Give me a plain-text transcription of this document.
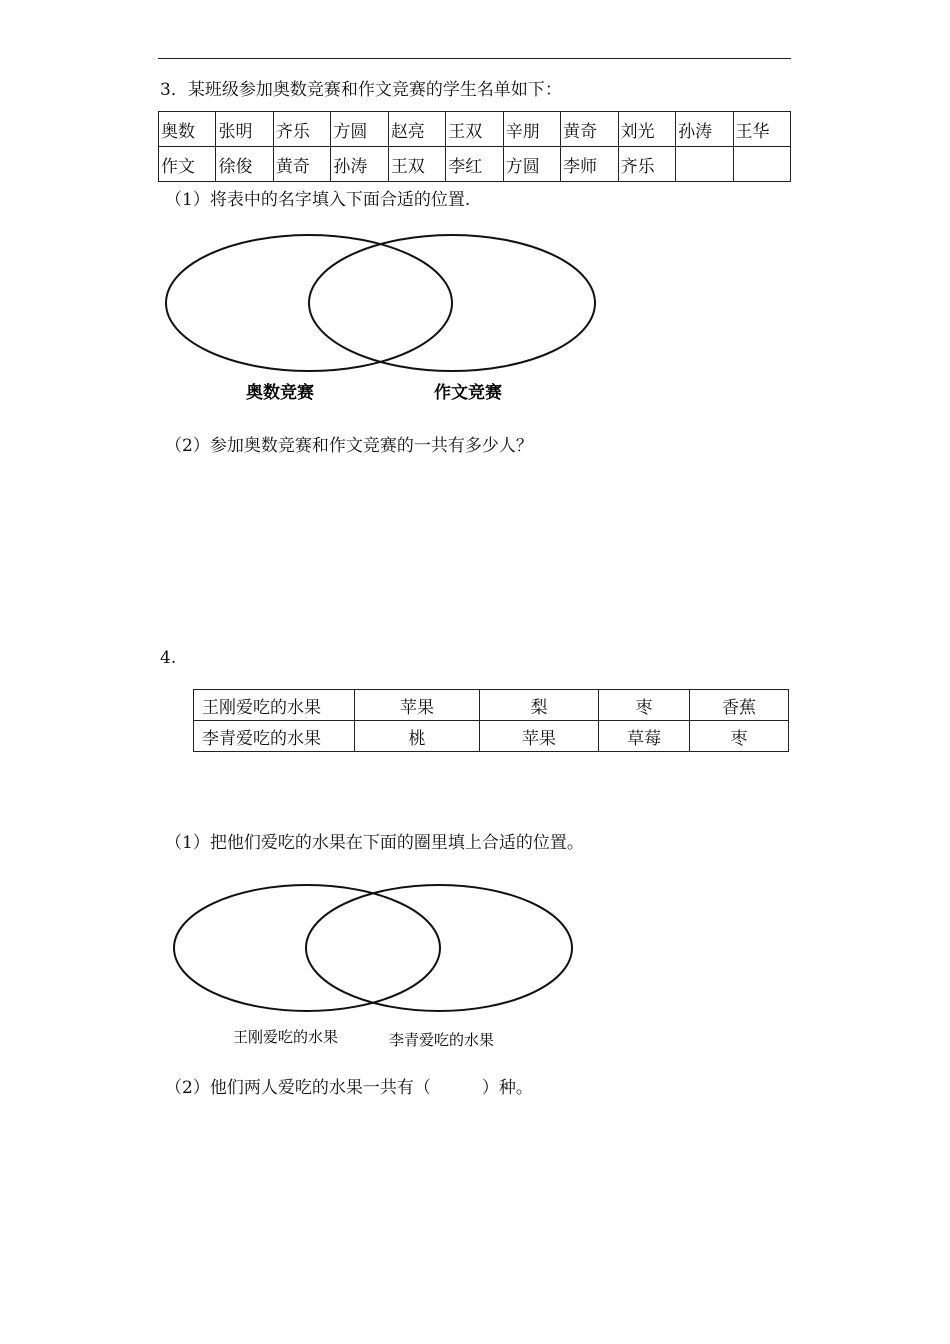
3．某班级参加奥数竞赛和作文竞赛的学生名单如下：
奥数	张明	齐乐	方圆	赵亮	王双	辛朋	黄奇	刘光	孙涛	王华
作文	徐俊	黄奇	孙涛	王双	李红	方圆	李师	齐乐		
（1）将表中的名字填入下面合适的位置.
奥数竞赛	作文竞赛
（2）参加奥数竞赛和作文竞赛的一共有多少人？
4.
王刚爱吃的水果	苹果	梨	枣	香蕉
李青爱吃的水果	桃	苹果	草莓	枣
（1）把他们爱吃的水果在下面的圈里填上合适的位置。
王刚爱吃的水果	李青爱吃的水果
（2）他们两人爱吃的水果一共有（　　　）种。
